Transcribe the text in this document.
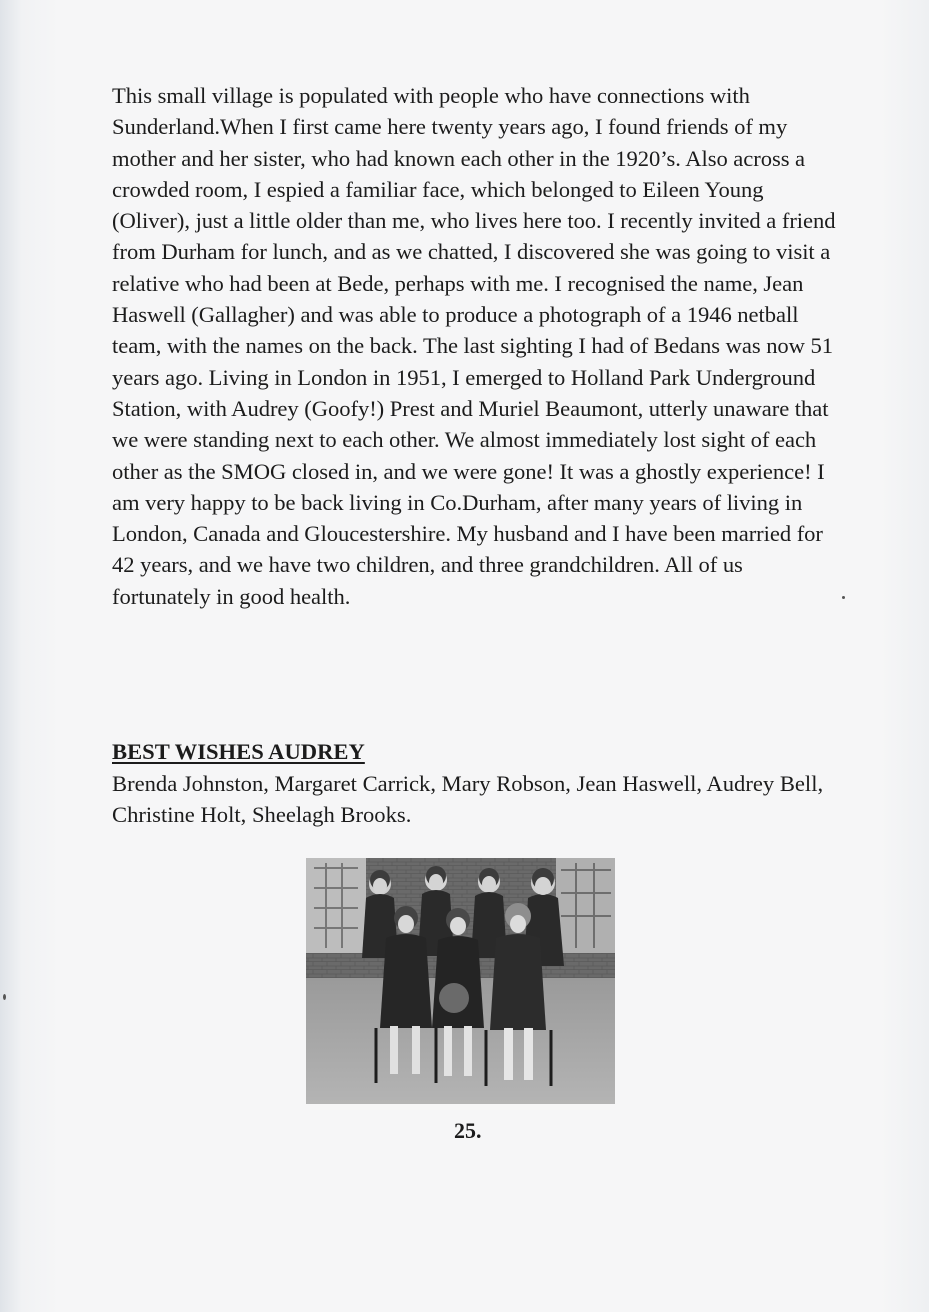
This small village is populated with people who have connections with Sunderland.When I first came here twenty years ago, I found friends of my mother and her sister, who had known each other in the 1920’s. Also across a crowded room, I espied a familiar face, which belonged to Eileen Young (Oliver), just a little older than me, who lives here too. I recently invited a friend from Durham for lunch, and as we chatted, I discovered she was going to visit a relative who had been at Bede, perhaps with me. I recognised the name, Jean Haswell (Gallagher) and was able to produce a photograph of a 1946 netball team, with the names on the back. The last sighting I had of Bedans was now 51 years ago. Living in London in 1951, I emerged to Holland Park Underground Station, with Audrey (Goofy!) Prest and Muriel Beaumont, utterly unaware that we were standing next to each other. We almost immediately lost sight of each other as the SMOG closed in, and we were gone! It was a ghostly experience! I am very happy to be back living in Co.Durham, after many years of living in London, Canada and Gloucestershire. My husband and I have been married for 42 years, and we have two children, and three grandchildren. All of us fortunately in good health.

BEST WISHES AUDREY
Brenda Johnston, Margaret Carrick, Mary Robson, Jean Haswell, Audrey Bell, Christine Holt, Sheelagh Brooks.
25.
